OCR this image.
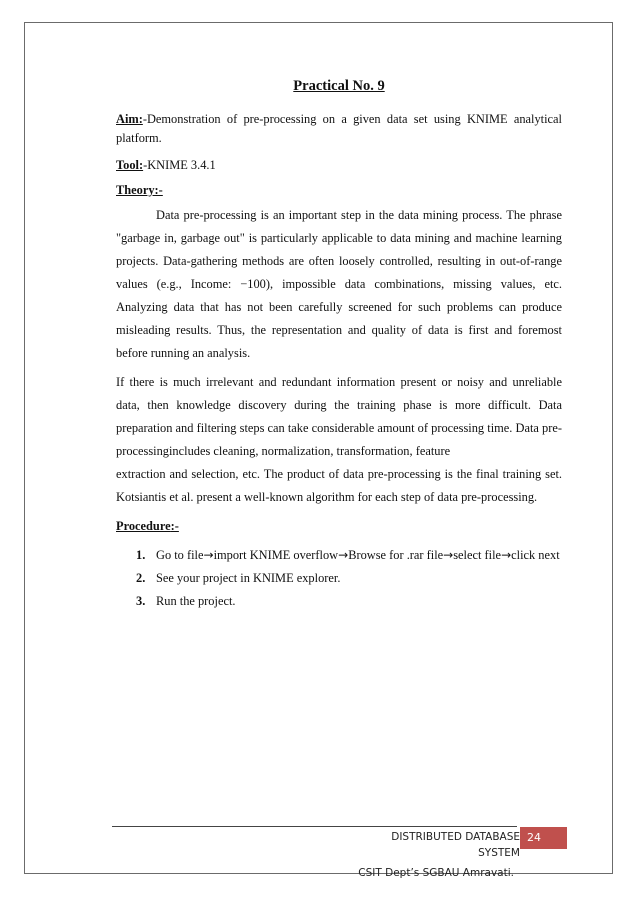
Practical No. 9

Aim:-Demonstration of pre-processing on a given data set using KNIME analytical platform.

Tool:-KNIME 3.4.1

Theory:-

Data pre-processing is an important step in the data mining process. The phrase "garbage in, garbage out" is particularly applicable to data mining and machine learning projects. Data-gathering methods are often loosely controlled, resulting in out-of-range values (e.g., Income: −100), impossible data combinations, missing values, etc. Analyzing data that has not been carefully screened for such problems can produce misleading results. Thus, the representation and quality of data is first and foremost before running an analysis.

If there is much irrelevant and redundant information present or noisy and unreliable data, then knowledge discovery during the training phase is more difficult. Data preparation and filtering steps can take considerable amount of processing time. Data pre-processingincludes cleaning, normalization, transformation, feature

extraction and selection, etc. The product of data pre-processing is the final training set. Kotsiantis et al. present a well-known algorithm for each step of data pre-processing.

Procedure:-
1. Go to file→import KNIME overflow→Browse for .rar file→select file→click next
2. See your project in KNIME explorer.
3. Run the project.
DISTRIBUTED DATABASE SYSTEM
24
CSIT Dept’s SGBAU Amravati.
